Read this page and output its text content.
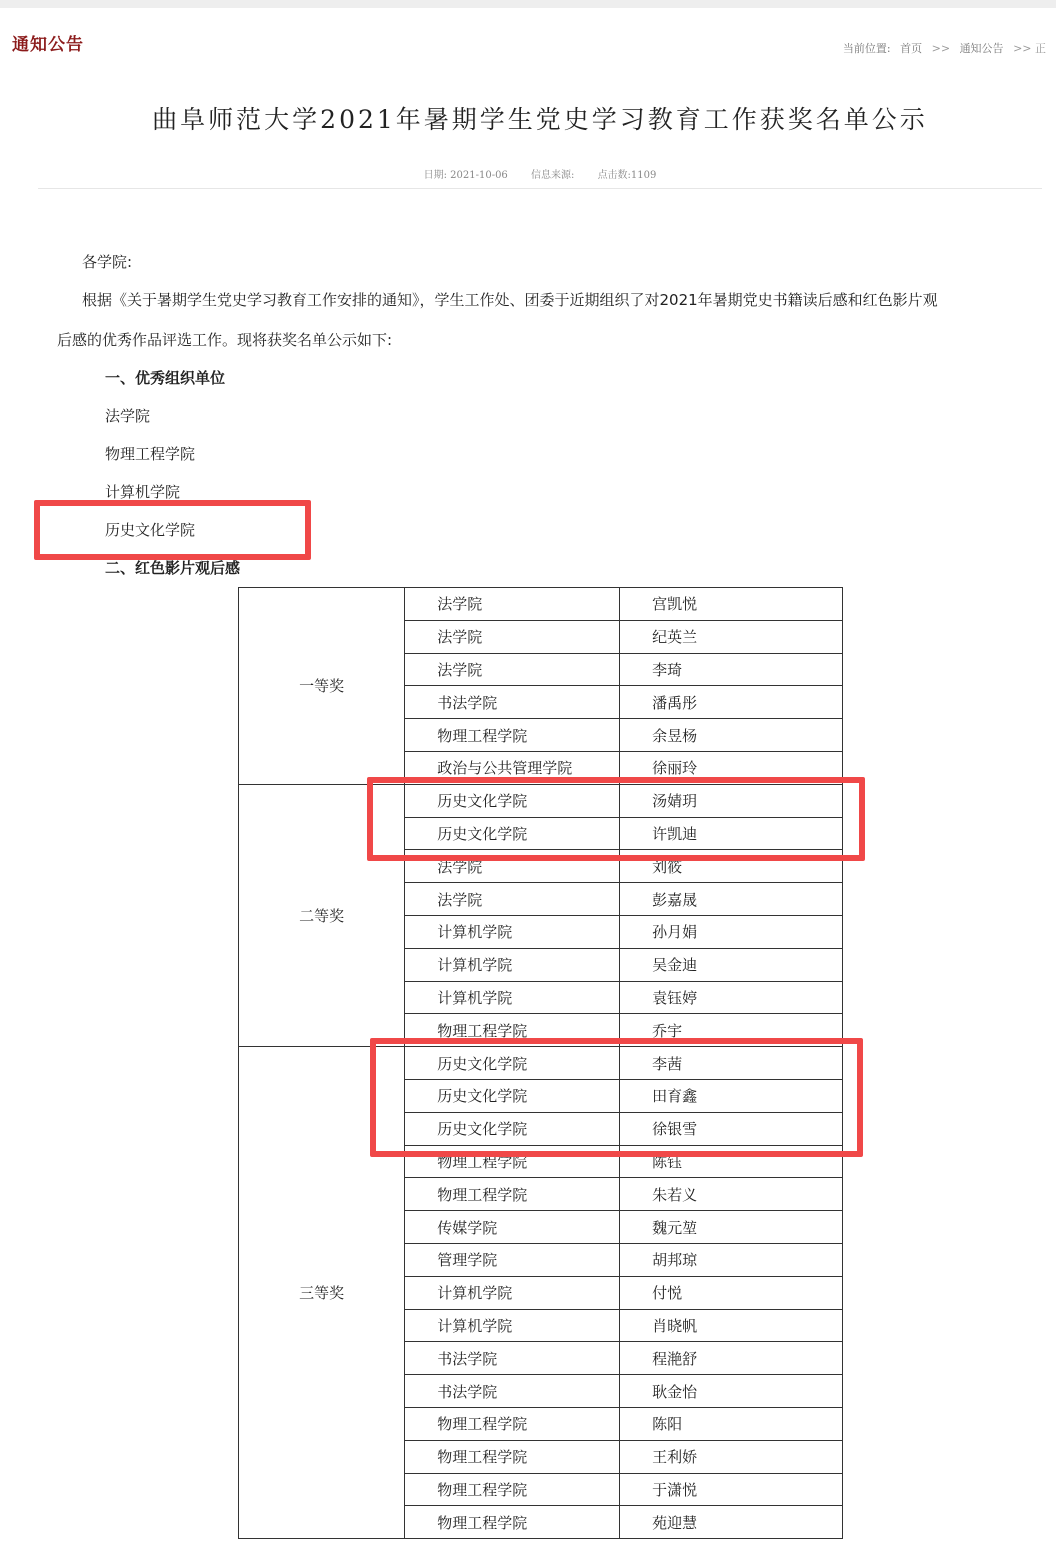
通知公告	当前位置: 首页 >> 通知公告 >> 正
曲阜师范大学2021年暑期学生党史学习教育工作获奖名单公示
日期: 2021-10-06 信息来源: 点击数:1109
各学院:
根据《关于暑期学生党史学习教育工作安排的通知》，学生工作处、团委于近期组织了对2021年暑期党史书籍读后感和红色影片观
后感的优秀作品评选工作。现将获奖名单公示如下:
一、优秀组织单位
法学院
物理工程学院
计算机学院
历史文化学院
二、红色影片观后感
一等奖	法学院	宫凯悦
	法学院	纪英兰
	法学院	李琦
	书法学院	潘禹彤
	物理工程学院	余昱杨
	政治与公共管理学院	徐丽玲
二等奖	历史文化学院	汤婧玥
	历史文化学院	许凯迪
	法学院	刘筱
	法学院	彭嘉晟
	计算机学院	孙月娟
	计算机学院	吴金迪
	计算机学院	袁钰婷
	物理工程学院	乔宇
三等奖	历史文化学院	李茜
	历史文化学院	田育鑫
	历史文化学院	徐银雪
	物理工程学院	陈钰
	物理工程学院	朱若义
	传媒学院	魏元堃
	管理学院	胡邦琼
	计算机学院	付悦
	计算机学院	肖晓帆
	书法学院	程滟舒
	书法学院	耿金怡
	物理工程学院	陈阳
	物理工程学院	王利娇
	物理工程学院	于潇悦
	物理工程学院	苑迎慧
